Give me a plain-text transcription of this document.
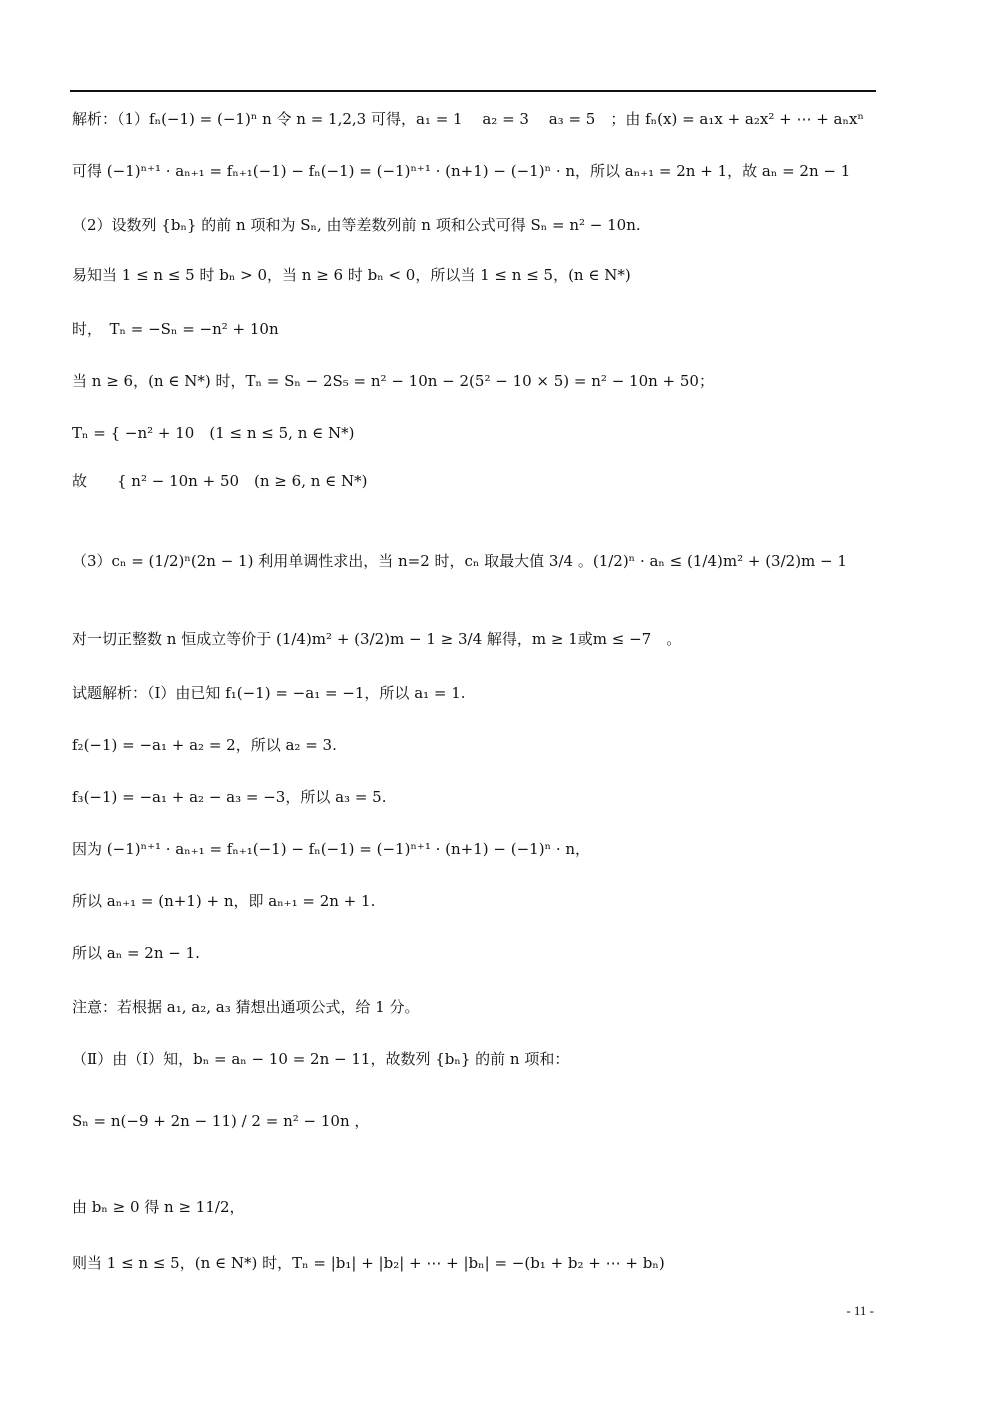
解析：（1）fₙ(−1) = (−1)ⁿ n 令 n = 1,2,3 可得，a₁ = 1　 a₂ = 3　 a₃ = 5　；由 fₙ(x) = a₁x + a₂x² + ⋯ + aₙxⁿ
可得 (−1)ⁿ⁺¹ · aₙ₊₁ = fₙ₊₁(−1) − fₙ(−1) = (−1)ⁿ⁺¹ · (n+1) − (−1)ⁿ · n，所以 aₙ₊₁ = 2n + 1，故 aₙ = 2n − 1
（2）设数列 {bₙ} 的前 n 项和为 Sₙ, 由等差数列前 n 项和公式可得 Sₙ = n² − 10n.
易知当 1 ≤ n ≤ 5 时 bₙ > 0，当 n ≥ 6 时 bₙ < 0，所以当 1 ≤ n ≤ 5，(n ∈ N*)
时，　Tₙ = −Sₙ = −n² + 10n
当 n ≥ 6，(n ∈ N*) 时，Tₙ = Sₙ − 2S₅ = n² − 10n − 2(5² − 10 × 5) = n² − 10n + 50；
Tₙ = { −n² + 10　(1 ≤ n ≤ 5, n ∈ N*)
故　　{ n² − 10n + 50　(n ≥ 6, n ∈ N*)
（3）cₙ = (1/2)ⁿ(2n − 1) 利用单调性求出，当 n=2 时，cₙ 取最大值 3/4 。(1/2)ⁿ · aₙ ≤ (1/4)m² + (3/2)m − 1
对一切正整数 n 恒成立等价于 (1/4)m² + (3/2)m − 1 ≥ 3/4 解得，m ≥ 1或m ≤ −7　。
试题解析：（Ⅰ）由已知 f₁(−1) = −a₁ = −1，所以 a₁ = 1.
f₂(−1) = −a₁ + a₂ = 2，所以 a₂ = 3.
f₃(−1) = −a₁ + a₂ − a₃ = −3，所以 a₃ = 5.
因为 (−1)ⁿ⁺¹ · aₙ₊₁ = fₙ₊₁(−1) − fₙ(−1) = (−1)ⁿ⁺¹ · (n+1) − (−1)ⁿ · n，
所以 aₙ₊₁ = (n+1) + n，即 aₙ₊₁ = 2n + 1.
所以 aₙ = 2n − 1.
注意：若根据 a₁, a₂, a₃ 猜想出通项公式，给 1 分。
（Ⅱ）由（Ⅰ）知，bₙ = aₙ − 10 = 2n − 11，故数列 {bₙ} 的前 n 项和：
Sₙ = n(−9 + 2n − 11) / 2 = n² − 10n ，
由 bₙ ≥ 0 得 n ≥ 11/2，
则当 1 ≤ n ≤ 5，(n ∈ N*) 时，Tₙ = |b₁| + |b₂| + ⋯ + |bₙ| = −(b₁ + b₂ + ⋯ + bₙ)
- 11 -
